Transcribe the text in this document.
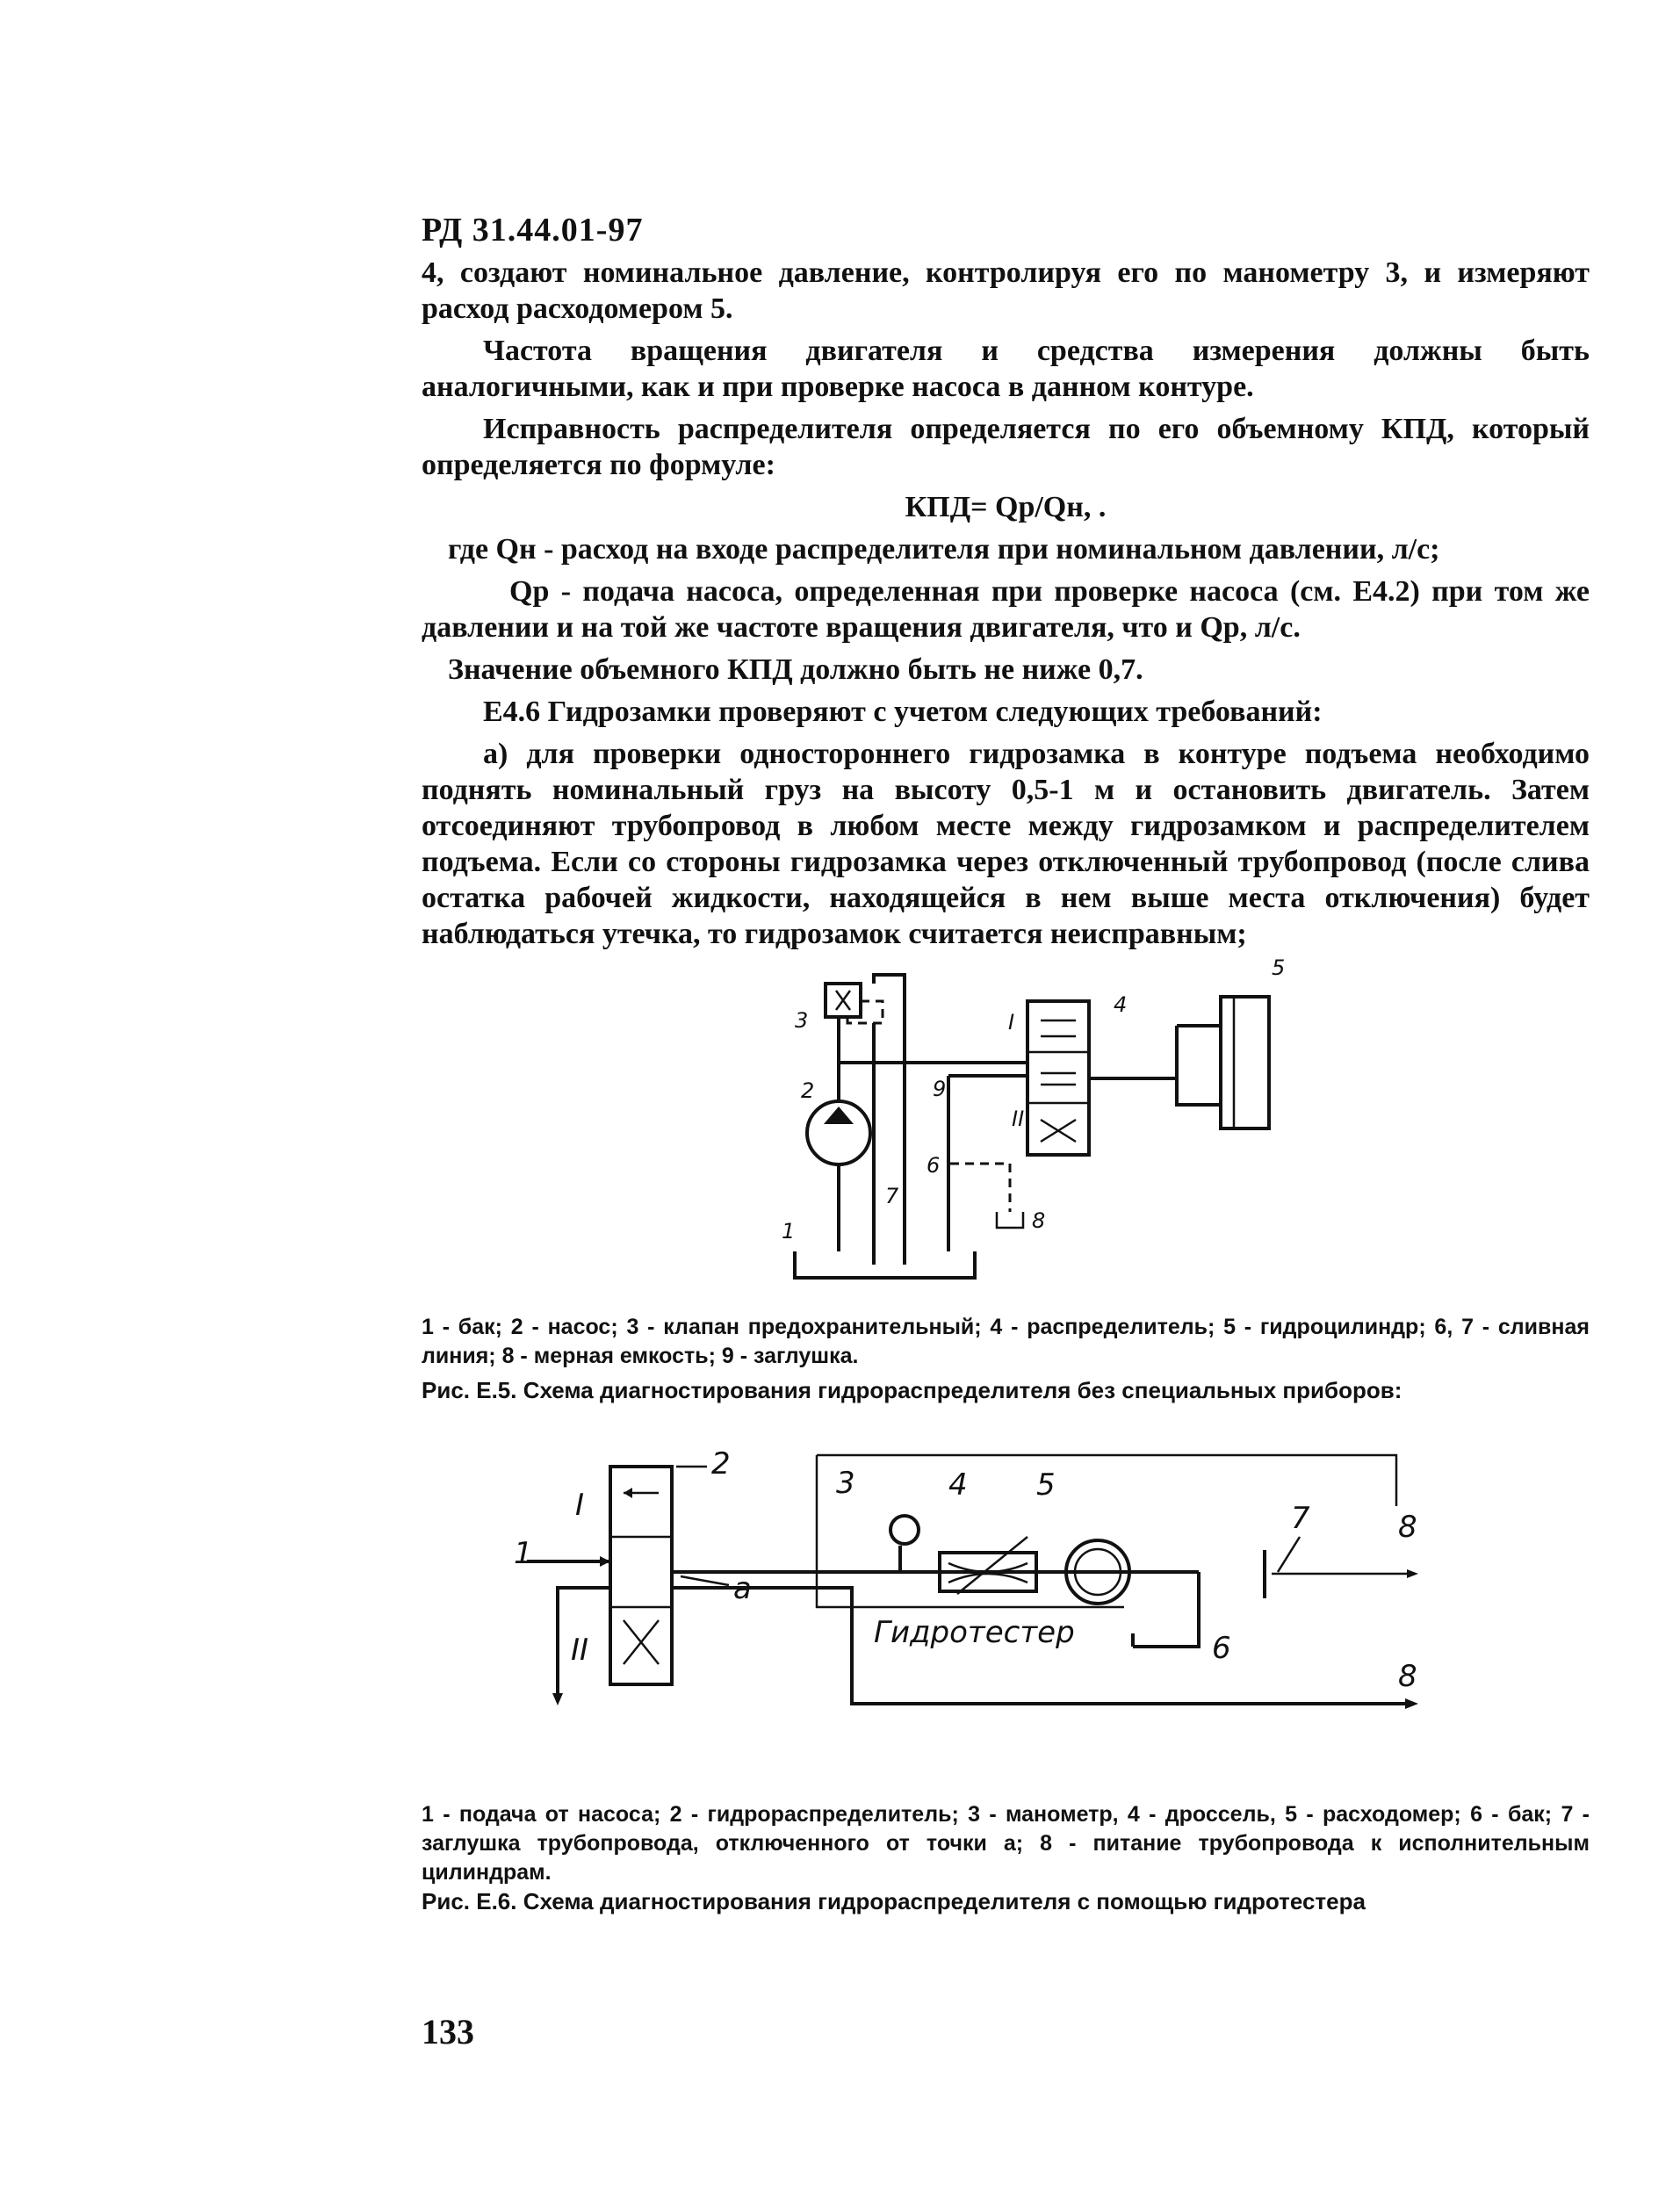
РД 31.44.01-97

4, создают номинальное давление, контролируя его по манометру 3, и измеряют расход расходомером 5.

Частота вращения двигателя и средства измерения должны быть аналогичными, как и при проверке насоса в данном контуре.

Исправность распределителя определяется по его объемному КПД, который определяется по формуле:

КПД= Qр/Qн, .

где Qн - расход на входе распределителя при номинальном давлении, л/с;

Qр - подача насоса, определенная при проверке насоса (см. Е4.2) при том же давлении и на той же частоте вращения двигателя, что и Qр, л/с.

Значение объемного КПД должно быть не ниже 0,7.

Е4.6 Гидрозамки проверяют с учетом следующих требований:

а) для проверки одностороннего гидрозамка в контуре подъема необходимо поднять номинальный груз на высоту 0,5-1 м и остановить двигатель. Затем отсоединяют трубопровод в любом месте между гидрозамком и распределителем подъема. Если со стороны гидрозамка через отключенный трубопровод (после слива остатка рабочей жидкости, находящейся в нем выше места отключения) будет наблюдаться утечка, то гидрозамок считается неисправным;

1
2
3
4
5
6
7
8
9
I
II
1 - бак; 2 - насос; 3 - клапан предохранительный; 4 - распределитель; 5 - гидроцилиндр; 6, 7 - сливная линия; 8 - мерная емкость; 9 - заглушка.
Рис. Е.5. Схема диагностирования гидрораспределителя без специальных приборов:
1
2
3	4 5
6
7	8
8
I
II
а
Гидротестер
1 - подача от насоса; 2 - гидрораспределитель; 3 - манометр, 4 - дроссель, 5 - расходомер; 6 - бак; 7 - заглушка трубопровода, отключенного от точки а; 8 - питание трубопровода к исполнительным цилиндрам.
Рис. Е.6. Схема диагностирования гидрораспределителя с помощью гидротестера
133
